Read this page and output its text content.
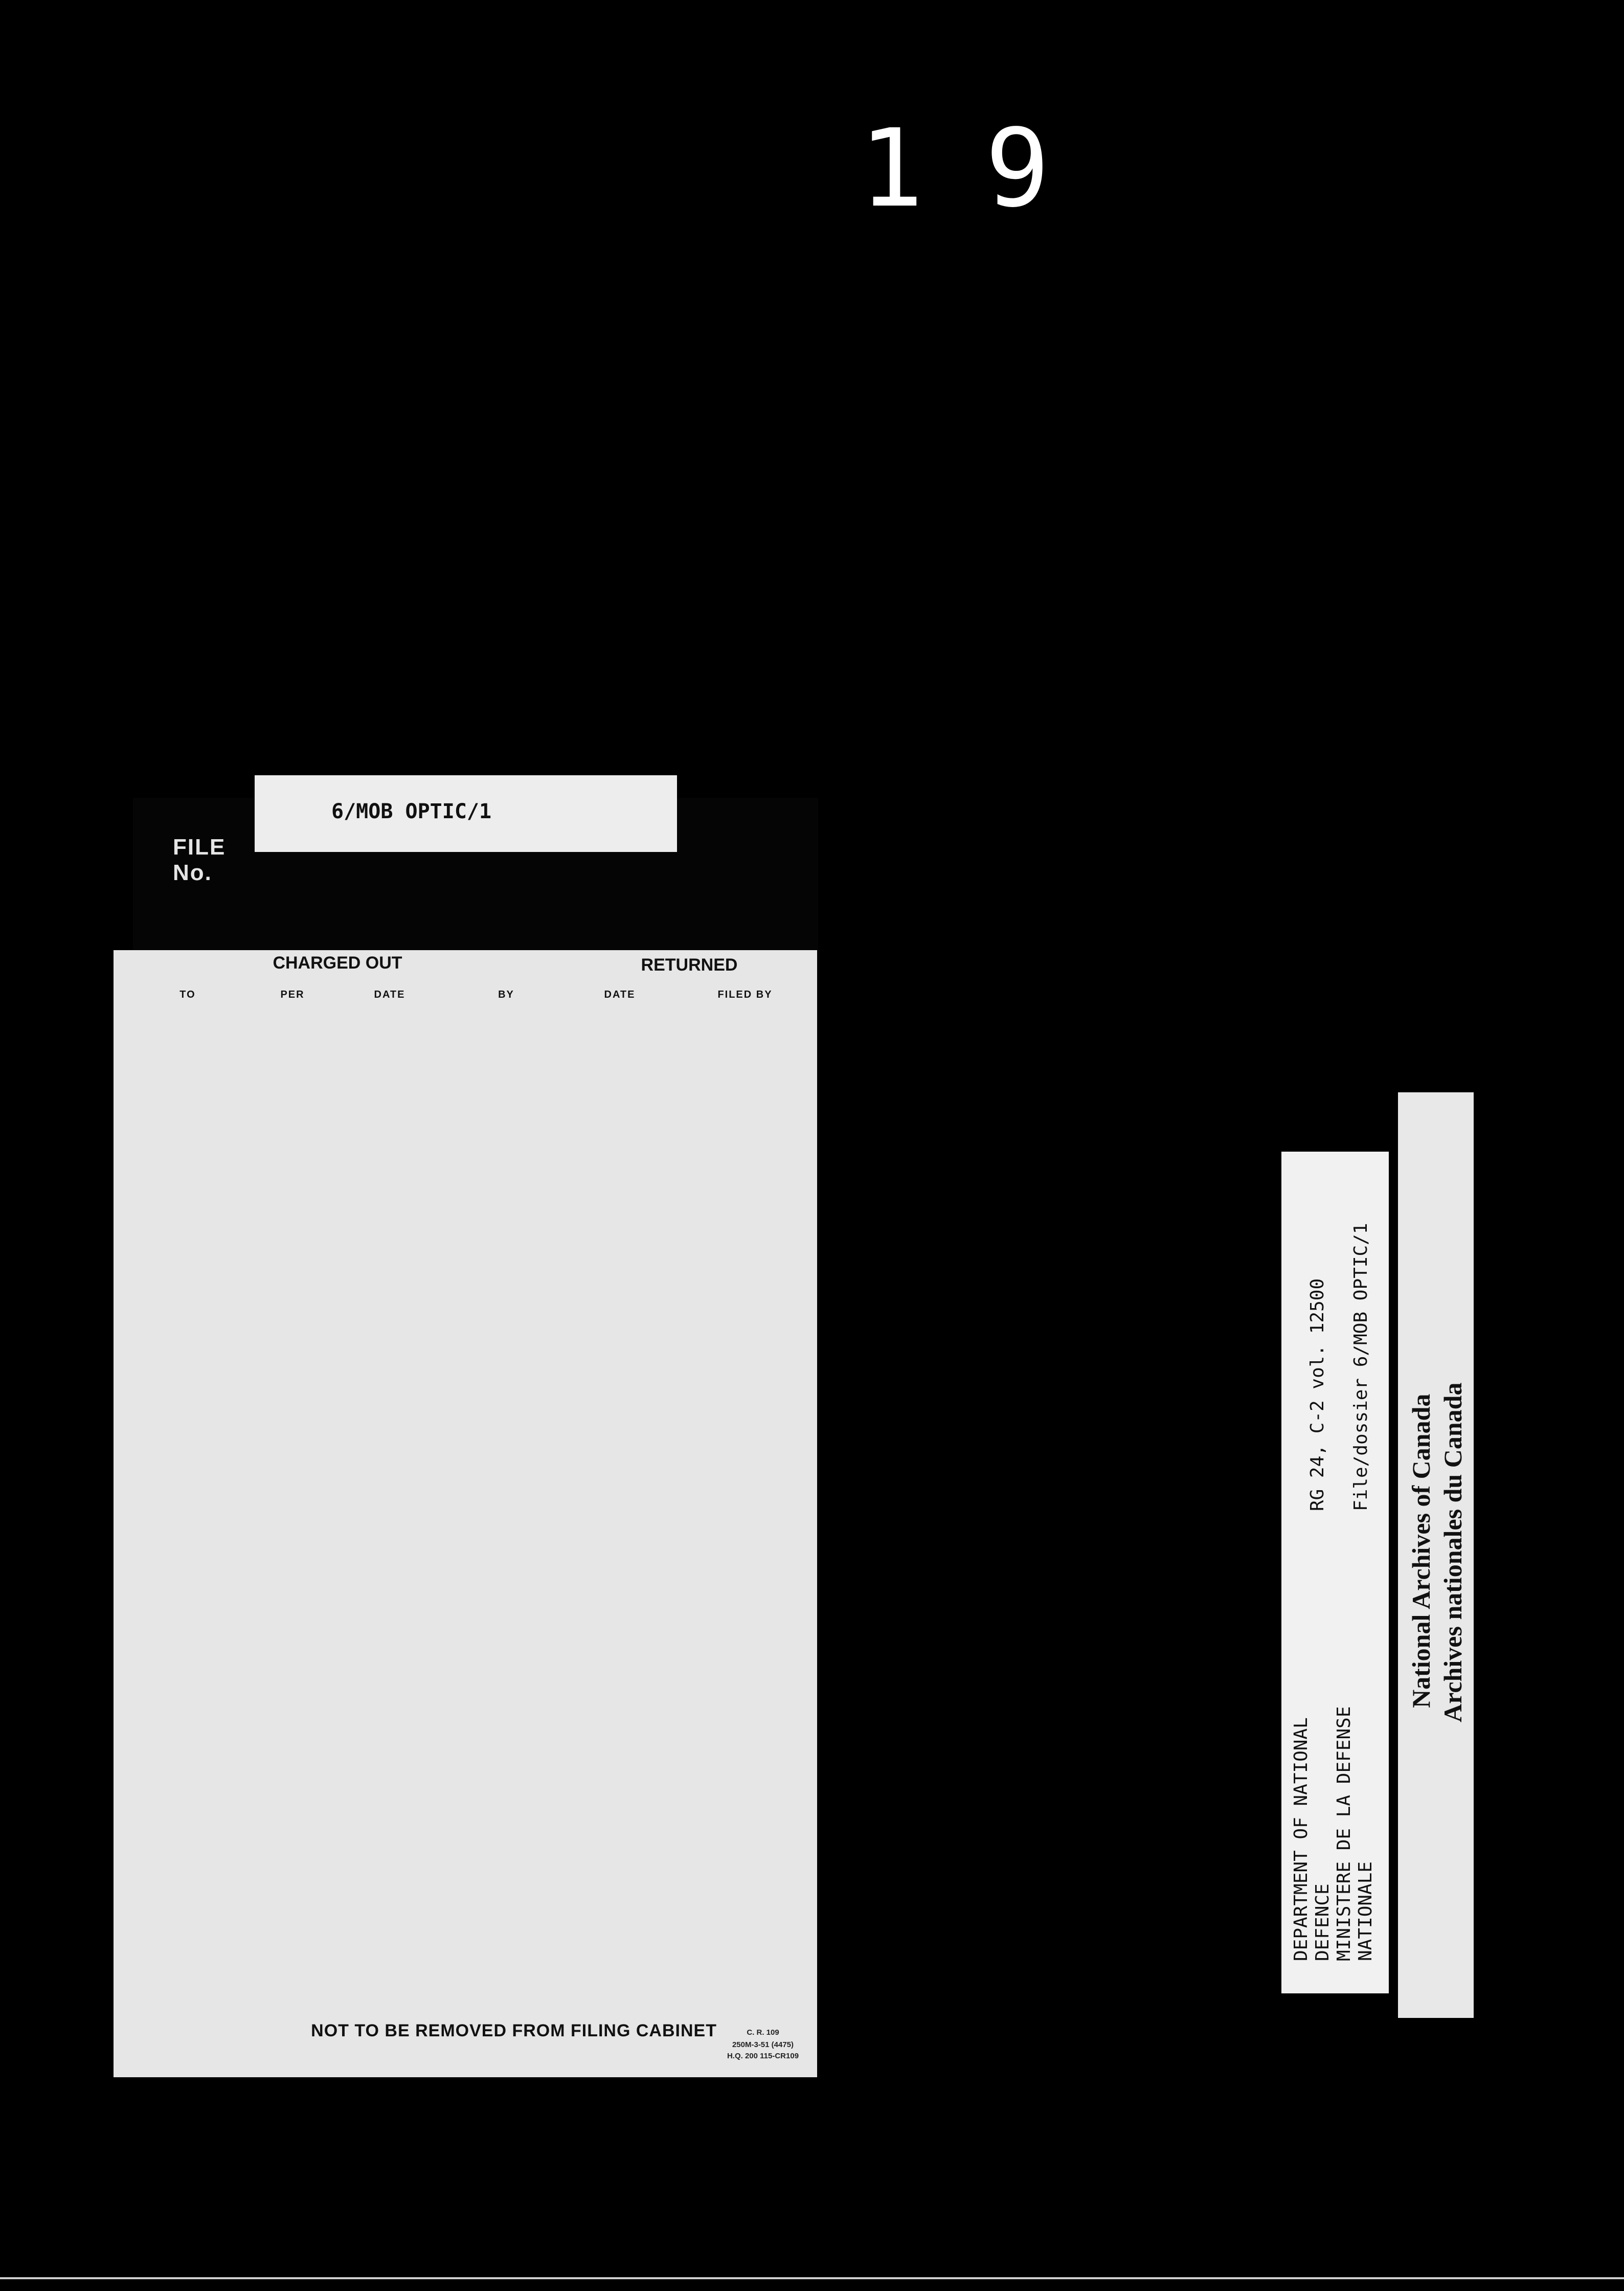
19
6/MOB OPTIC/1
FILE
No.
CHARGED OUT	RETURNED
TO	PER	DATE	BY	DATE	FILED BY
NOT TO BE REMOVED FROM FILING CABINET	C. R. 109
250M-3-51 (4475)
H.Q. 200 115-CR109
DEPARTMENT OF NATIONAL DEFENCE MINISTERE DE LA DEFENSE NATIONALE
RG 24, C-2 vol. 12500 File/dossier 6/MOB OPTIC/1
National Archives of Canada Archives nationales du Canada
